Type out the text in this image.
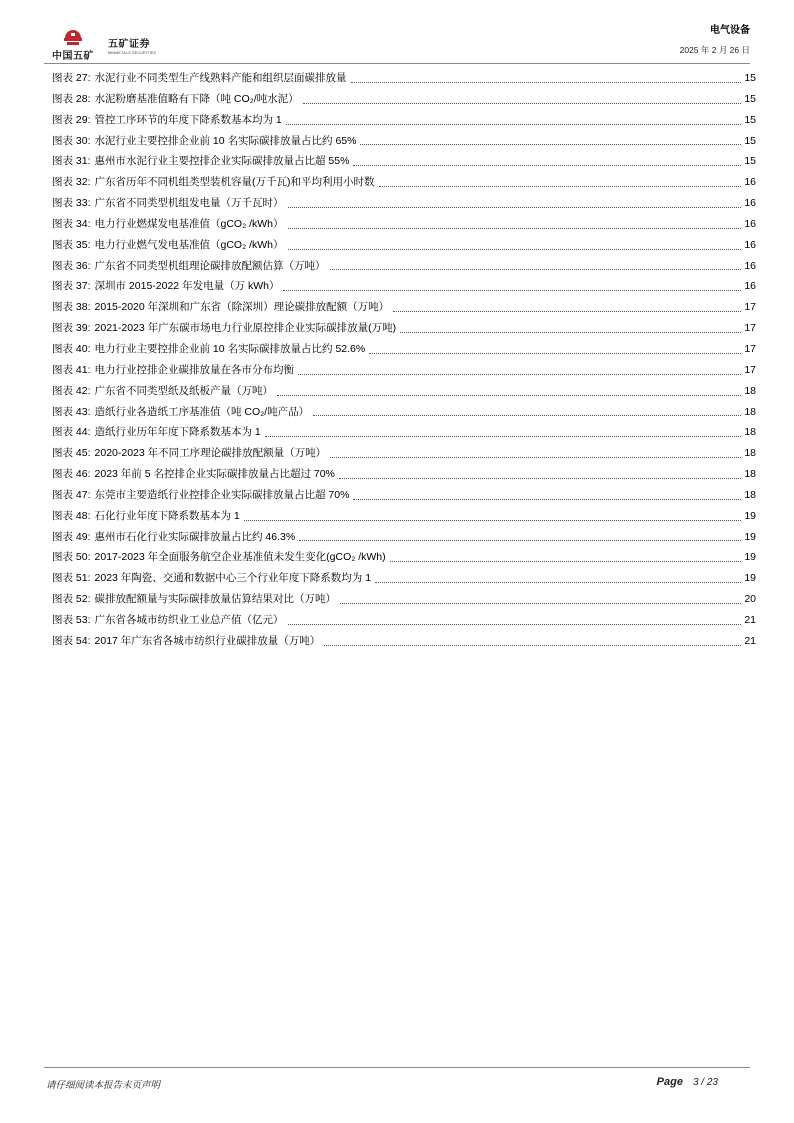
中国五矿
五矿证券
MINMETALS SECURITIES
电气设备
2025 年 2 月 26 日
图表 27: 水泥行业不同类型生产线熟料产能和组织层面碳排放量	15
图表 28: 水泥粉磨基准值略有下降（吨 CO₂/吨水泥）	15
图表 29: 管控工序环节的年度下降系数基本均为 1	15
图表 30: 水泥行业主要控排企业前 10 名实际碳排放量占比约 65%	15
图表 31: 惠州市水泥行业主要控排企业实际碳排放量占比超 55%	15
图表 32: 广东省历年不同机组类型装机容量(万千瓦)和平均利用小时数	16
图表 33: 广东省不同类型机组发电量（万千瓦时）	16
图表 34: 电力行业燃煤发电基准值（gCO₂ /kWh）	16
图表 35: 电力行业燃气发电基准值（gCO₂ /kWh）	16
图表 36: 广东省不同类型机组理论碳排放配额估算（万吨）	16
图表 37: 深圳市 2015-2022 年发电量（万 kWh）	16
图表 38: 2015-2020 年深圳和广东省（除深圳）理论碳排放配额（万吨）	17
图表 39: 2021-2023 年广东碳市场电力行业原控排企业实际碳排放量(万吨)	17
图表 40: 电力行业主要控排企业前 10 名实际碳排放量占比约 52.6%	17
图表 41: 电力行业控排企业碳排放量在各市分布均衡	17
图表 42: 广东省不同类型纸及纸板产量（万吨）	18
图表 43: 造纸行业各造纸工序基准值（吨 CO₂/吨产品）	18
图表 44: 造纸行业历年年度下降系数基本为 1	18
图表 45: 2020-2023 年不同工序理论碳排放配额量（万吨）	18
图表 46: 2023 年前 5 名控排企业实际碳排放量占比超过 70%	18
图表 47: 东莞市主要造纸行业控排企业实际碳排放量占比超 70%	18
图表 48: 石化行业年度下降系数基本为 1	19
图表 49: 惠州市石化行业实际碳排放量占比约 46.3%	19
图表 50: 2017-2023 年全面服务航空企业基准值未发生变化(gCO₂ /kWh)	19
图表 51: 2023 年陶瓷、交通和数据中心三个行业年度下降系数均为 1	19
图表 52: 碳排放配额量与实际碳排放量估算结果对比（万吨）	20
图表 53: 广东省各城市纺织业工业总产值（亿元）	21
图表 54: 2017 年广东省各城市纺织行业碳排放量（万吨）	21
请仔细阅读本报告末页声明	Page 3 / 23
